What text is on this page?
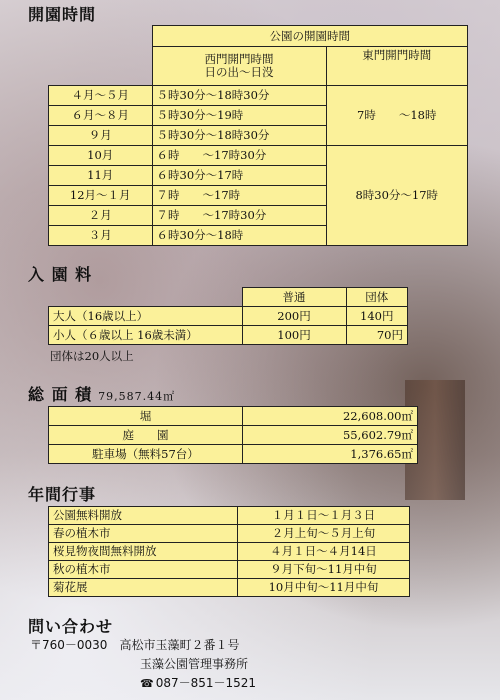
開園時間
	公園の開園時間	

	西門開門時間
日の出～日没	東門開門時間
４月～５月	５時30分～18時30分	7時　　～18時
６月～８月	５時30分～19時	
９月	５時30分～18時30分	
10月	６時　　～17時30分	8時30分～17時
11月	６時30分～17時	
12月～１月	７時　　～17時	
２月	７時　　～17時30分	
３月	６時30分～18時	
入 園 料
	普通	団体
大人（16歳以上）	200円	140円
小人（６歳以上 16歳未満）	100円	70円
団体は20人以上
総 面 積 79,587.44㎡
堀	22,608.00㎡
庭　　園	55,602.79㎡
駐車場（無料57台）	1,376.65㎡
年間行事
公園無料開放	１月１日～１月３日
春の植木市	２月上旬～５月上旬
桜見物夜間無料開放	４月１日～４月14日
秋の植木市	９月下旬～11月中旬
菊花展	10月中旬～11月中旬
問い合わせ
〒760－0030　高松市玉藻町２番１号
玉藻公園管理事務所
☎ 087－851－1521
